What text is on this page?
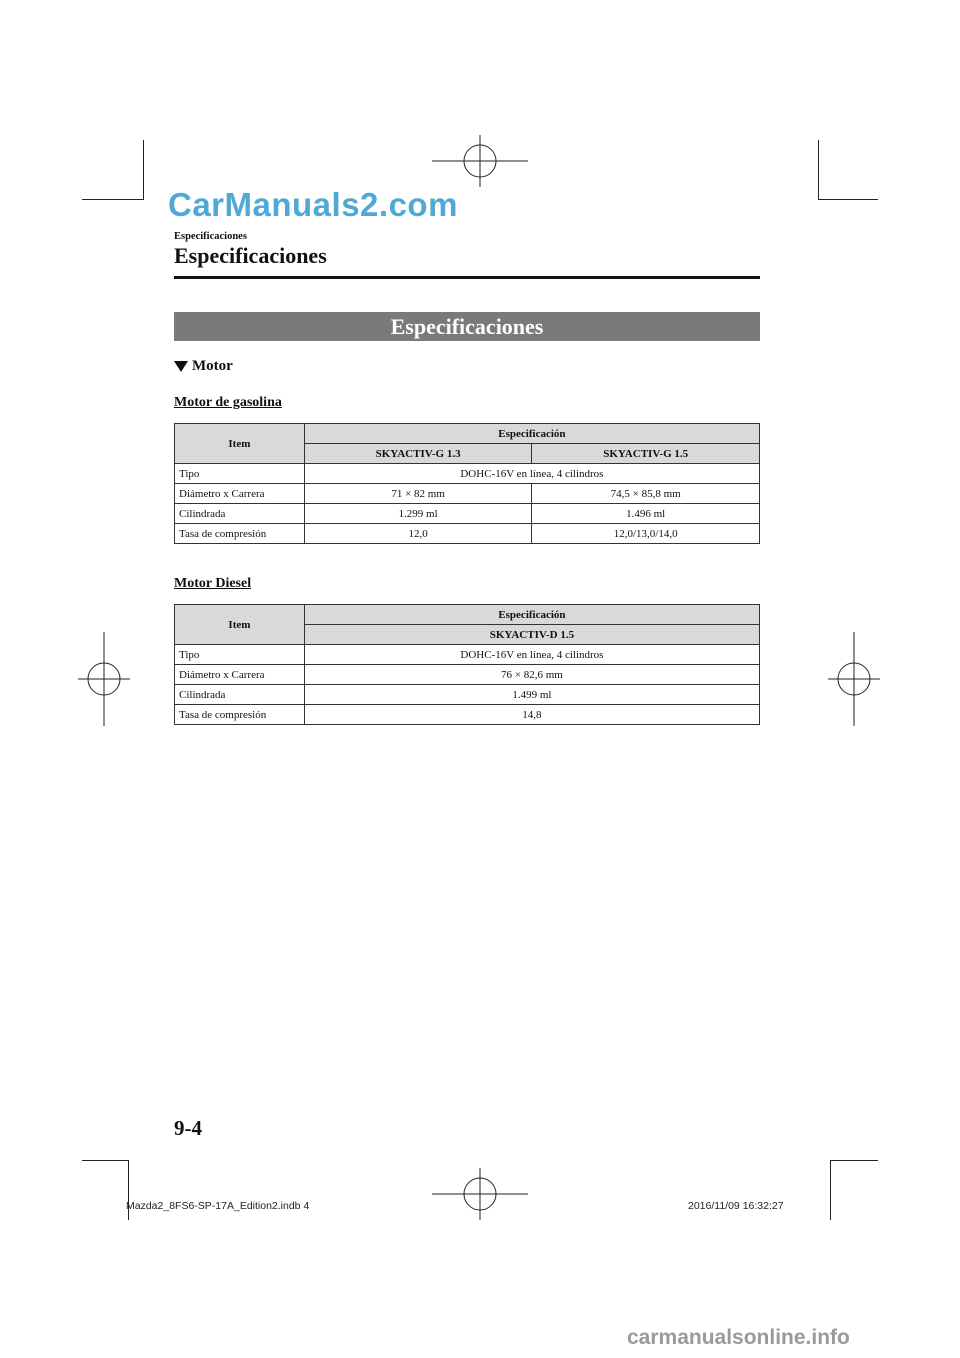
CarManuals2.com
Especificaciones
Especificaciones
Especificaciones
Motor
Motor de gasolina
Item	Especificación	
	SKYACTIV-G 1.3	SKYACTIV-G 1.5
Tipo	DOHC-16V en línea, 4 cilindros	
Diámetro x Carrera	71 × 82 mm	74,5 × 85,8 mm
Cilindrada	1.299 ml	1.496 ml
Tasa de compresión	12,0	12,0/13,0/14,0
Motor Diesel
Item	Especificación
	SKYACTIV-D 1.5
Tipo	DOHC-16V en línea, 4 cilindros
Diámetro x Carrera	76 × 82,6 mm
Cilindrada	1.499 ml
Tasa de compresión	14,8
9-4
Mazda2_8FS6-SP-17A_Edition2.indb 4	2016/11/09 16:32:27
carmanualsonline.info
